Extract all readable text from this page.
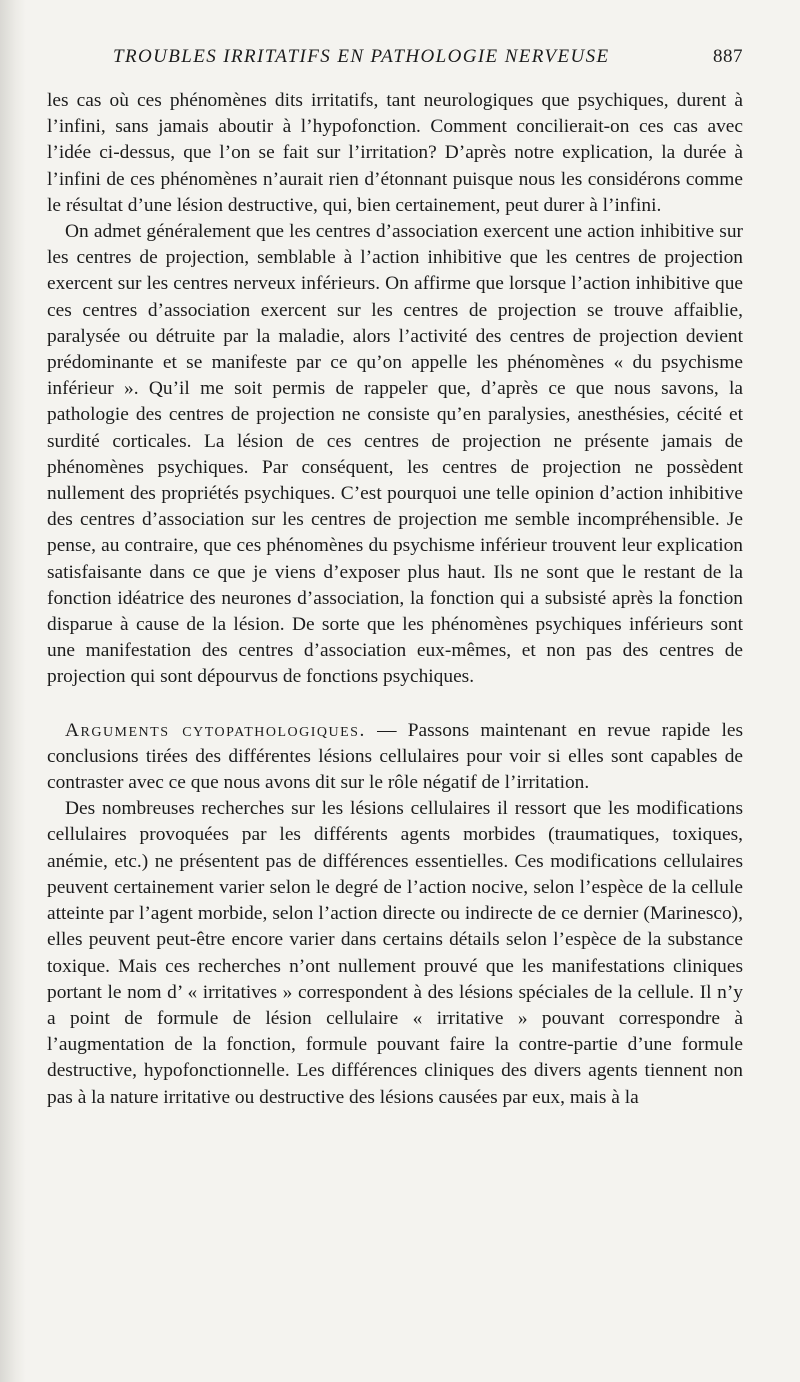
TROUBLES IRRITATIFS EN PATHOLOGIE NERVEUSE	887

les cas où ces phénomènes dits irritatifs, tant neurologiques que psychiques, durent à l’infini, sans jamais aboutir à l’hypofonction. Comment concilierait-on ces cas avec l’idée ci-dessus, que l’on se fait sur l’irritation? D’après notre explication, la durée à l’infini de ces phénomènes n’aurait rien d’étonnant puisque nous les considérons comme le résultat d’une lésion destructive, qui, bien certainement, peut durer à l’infini.

On admet généralement que les centres d’association exercent une action inhibitive sur les centres de projection, semblable à l’action inhibitive que les centres de projection exercent sur les centres nerveux inférieurs. On affirme que lorsque l’action inhibitive que ces centres d’association exercent sur les centres de projection se trouve affaiblie, paralysée ou détruite par la maladie, alors l’activité des centres de projection devient prédominante et se manifeste par ce qu’on appelle les phénomènes « du psychisme inférieur ». Qu’il me soit permis de rappeler que, d’après ce que nous savons, la pathologie des centres de projection ne consiste qu’en paralysies, anesthésies, cécité et surdité corticales. La lésion de ces centres de projection ne présente jamais de phénomènes psychiques. Par conséquent, les centres de projection ne possèdent nullement des propriétés psychiques. C’est pourquoi une telle opinion d’action inhibitive des centres d’association sur les centres de projection me semble incompréhensible. Je pense, au contraire, que ces phénomènes du psychisme inférieur trouvent leur explication satisfaisante dans ce que je viens d’exposer plus haut. Ils ne sont que le restant de la fonction idéatrice des neurones d’association, la fonction qui a subsisté après la fonction disparue à cause de la lésion. De sorte que les phénomènes psychiques inférieurs sont une manifestation des centres d’association eux-mêmes, et non pas des centres de projection qui sont dépourvus de fonctions psychiques.

Arguments cytopathologiques. — Passons maintenant en revue rapide les conclusions tirées des différentes lésions cellulaires pour voir si elles sont capables de contraster avec ce que nous avons dit sur le rôle négatif de l’irritation.

Des nombreuses recherches sur les lésions cellulaires il ressort que les modifications cellulaires provoquées par les différents agents morbides (traumatiques, toxiques, anémie, etc.) ne présentent pas de différences essentielles. Ces modifications cellulaires peuvent certainement varier selon le degré de l’action nocive, selon l’espèce de la cellule atteinte par l’agent morbide, selon l’action directe ou indirecte de ce dernier (Marinesco), elles peuvent peut-être encore varier dans certains détails selon l’espèce de la substance toxique. Mais ces recherches n’ont nullement prouvé que les manifestations cliniques portant le nom d’ « irritatives » correspondent à des lésions spéciales de la cellule. Il n’y a point de formule de lésion cellulaire « irritative » pouvant correspondre à l’augmentation de la fonction, formule pouvant faire la contre-partie d’une formule destructive, hypofonctionnelle. Les différences cliniques des divers agents tiennent non pas à la nature irritative ou destructive des lésions causées par eux, mais à la
